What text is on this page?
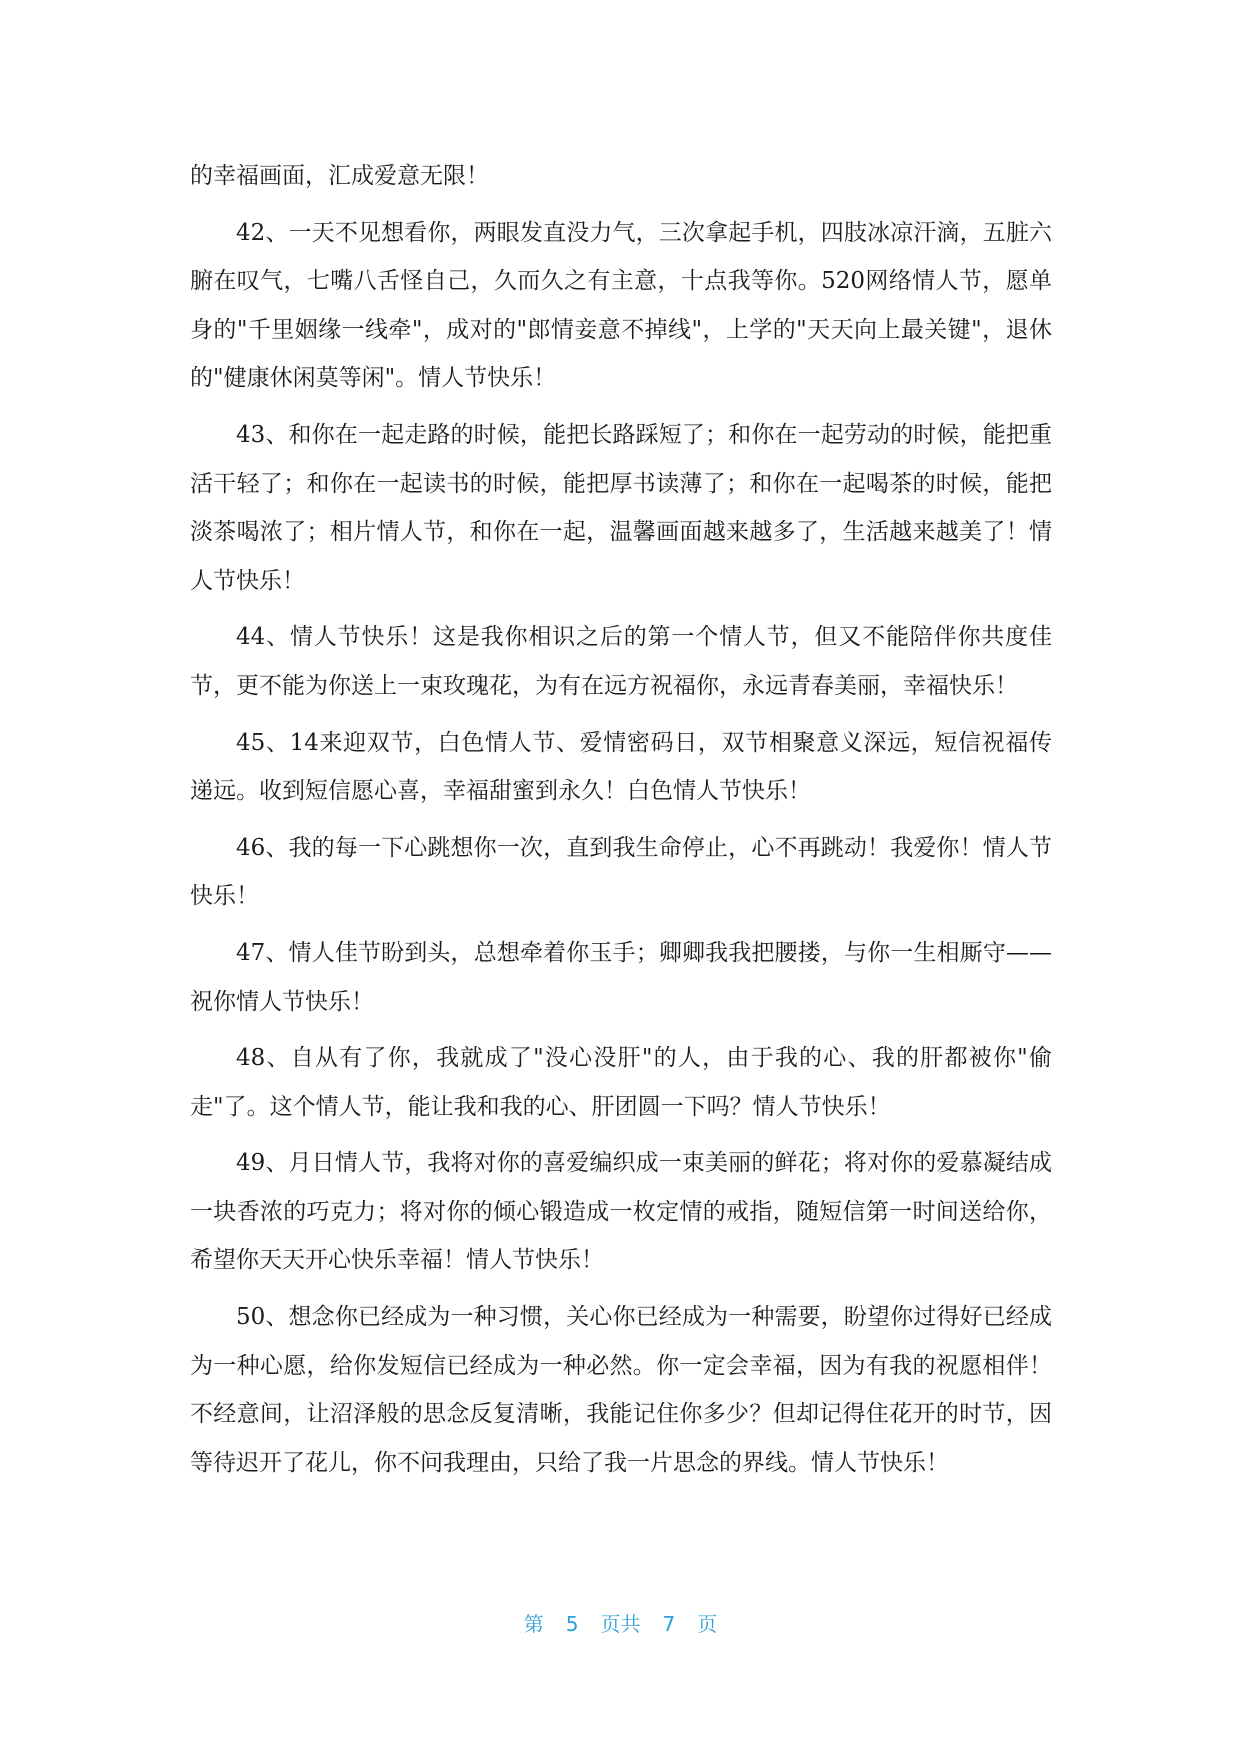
的幸福画面，汇成爱意无限！

42、一天不见想看你，两眼发直没力气，三次拿起手机，四肢冰凉汗滴，五脏六腑在叹气，七嘴八舌怪自己，久而久之有主意，十点我等你。520网络情人节，愿单身的"千里姻缘一线牵"，成对的"郎情妾意不掉线"，上学的"天天向上最关键"，退休的"健康休闲莫等闲"。情人节快乐！

43、和你在一起走路的时候，能把长路踩短了；和你在一起劳动的时候，能把重活干轻了；和你在一起读书的时候，能把厚书读薄了；和你在一起喝茶的时候，能把淡茶喝浓了；相片情人节，和你在一起，温馨画面越来越多了，生活越来越美了！情人节快乐！

44、情人节快乐！这是我你相识之后的第一个情人节，但又不能陪伴你共度佳节，更不能为你送上一束玫瑰花，为有在远方祝福你，永远青春美丽，幸福快乐！

45、14来迎双节，白色情人节、爱情密码日，双节相聚意义深远，短信祝福传递远。收到短信愿心喜，幸福甜蜜到永久！白色情人节快乐！

46、我的每一下心跳想你一次，直到我生命停止，心不再跳动！我爱你！情人节快乐！

47、情人佳节盼到头，总想牵着你玉手；卿卿我我把腰搂，与你一生相厮守——祝你情人节快乐！

48、自从有了你，我就成了"没心没肝"的人，由于我的心、我的肝都被你"偷走"了。这个情人节，能让我和我的心、肝团圆一下吗？情人节快乐！

49、月日情人节，我将对你的喜爱编织成一束美丽的鲜花；将对你的爱慕凝结成一块香浓的巧克力；将对你的倾心锻造成一枚定情的戒指，随短信第一时间送给你，希望你天天开心快乐幸福！情人节快乐！

50、想念你已经成为一种习惯，关心你已经成为一种需要，盼望你过得好已经成为一种心愿，给你发短信已经成为一种必然。你一定会幸福，因为有我的祝愿相伴！不经意间，让沼泽般的思念反复清晰，我能记住你多少？但却记得住花开的时节，因等待迟开了花儿，你不问我理由，只给了我一片思念的界线。情人节快乐！

第 5 页共 7 页
